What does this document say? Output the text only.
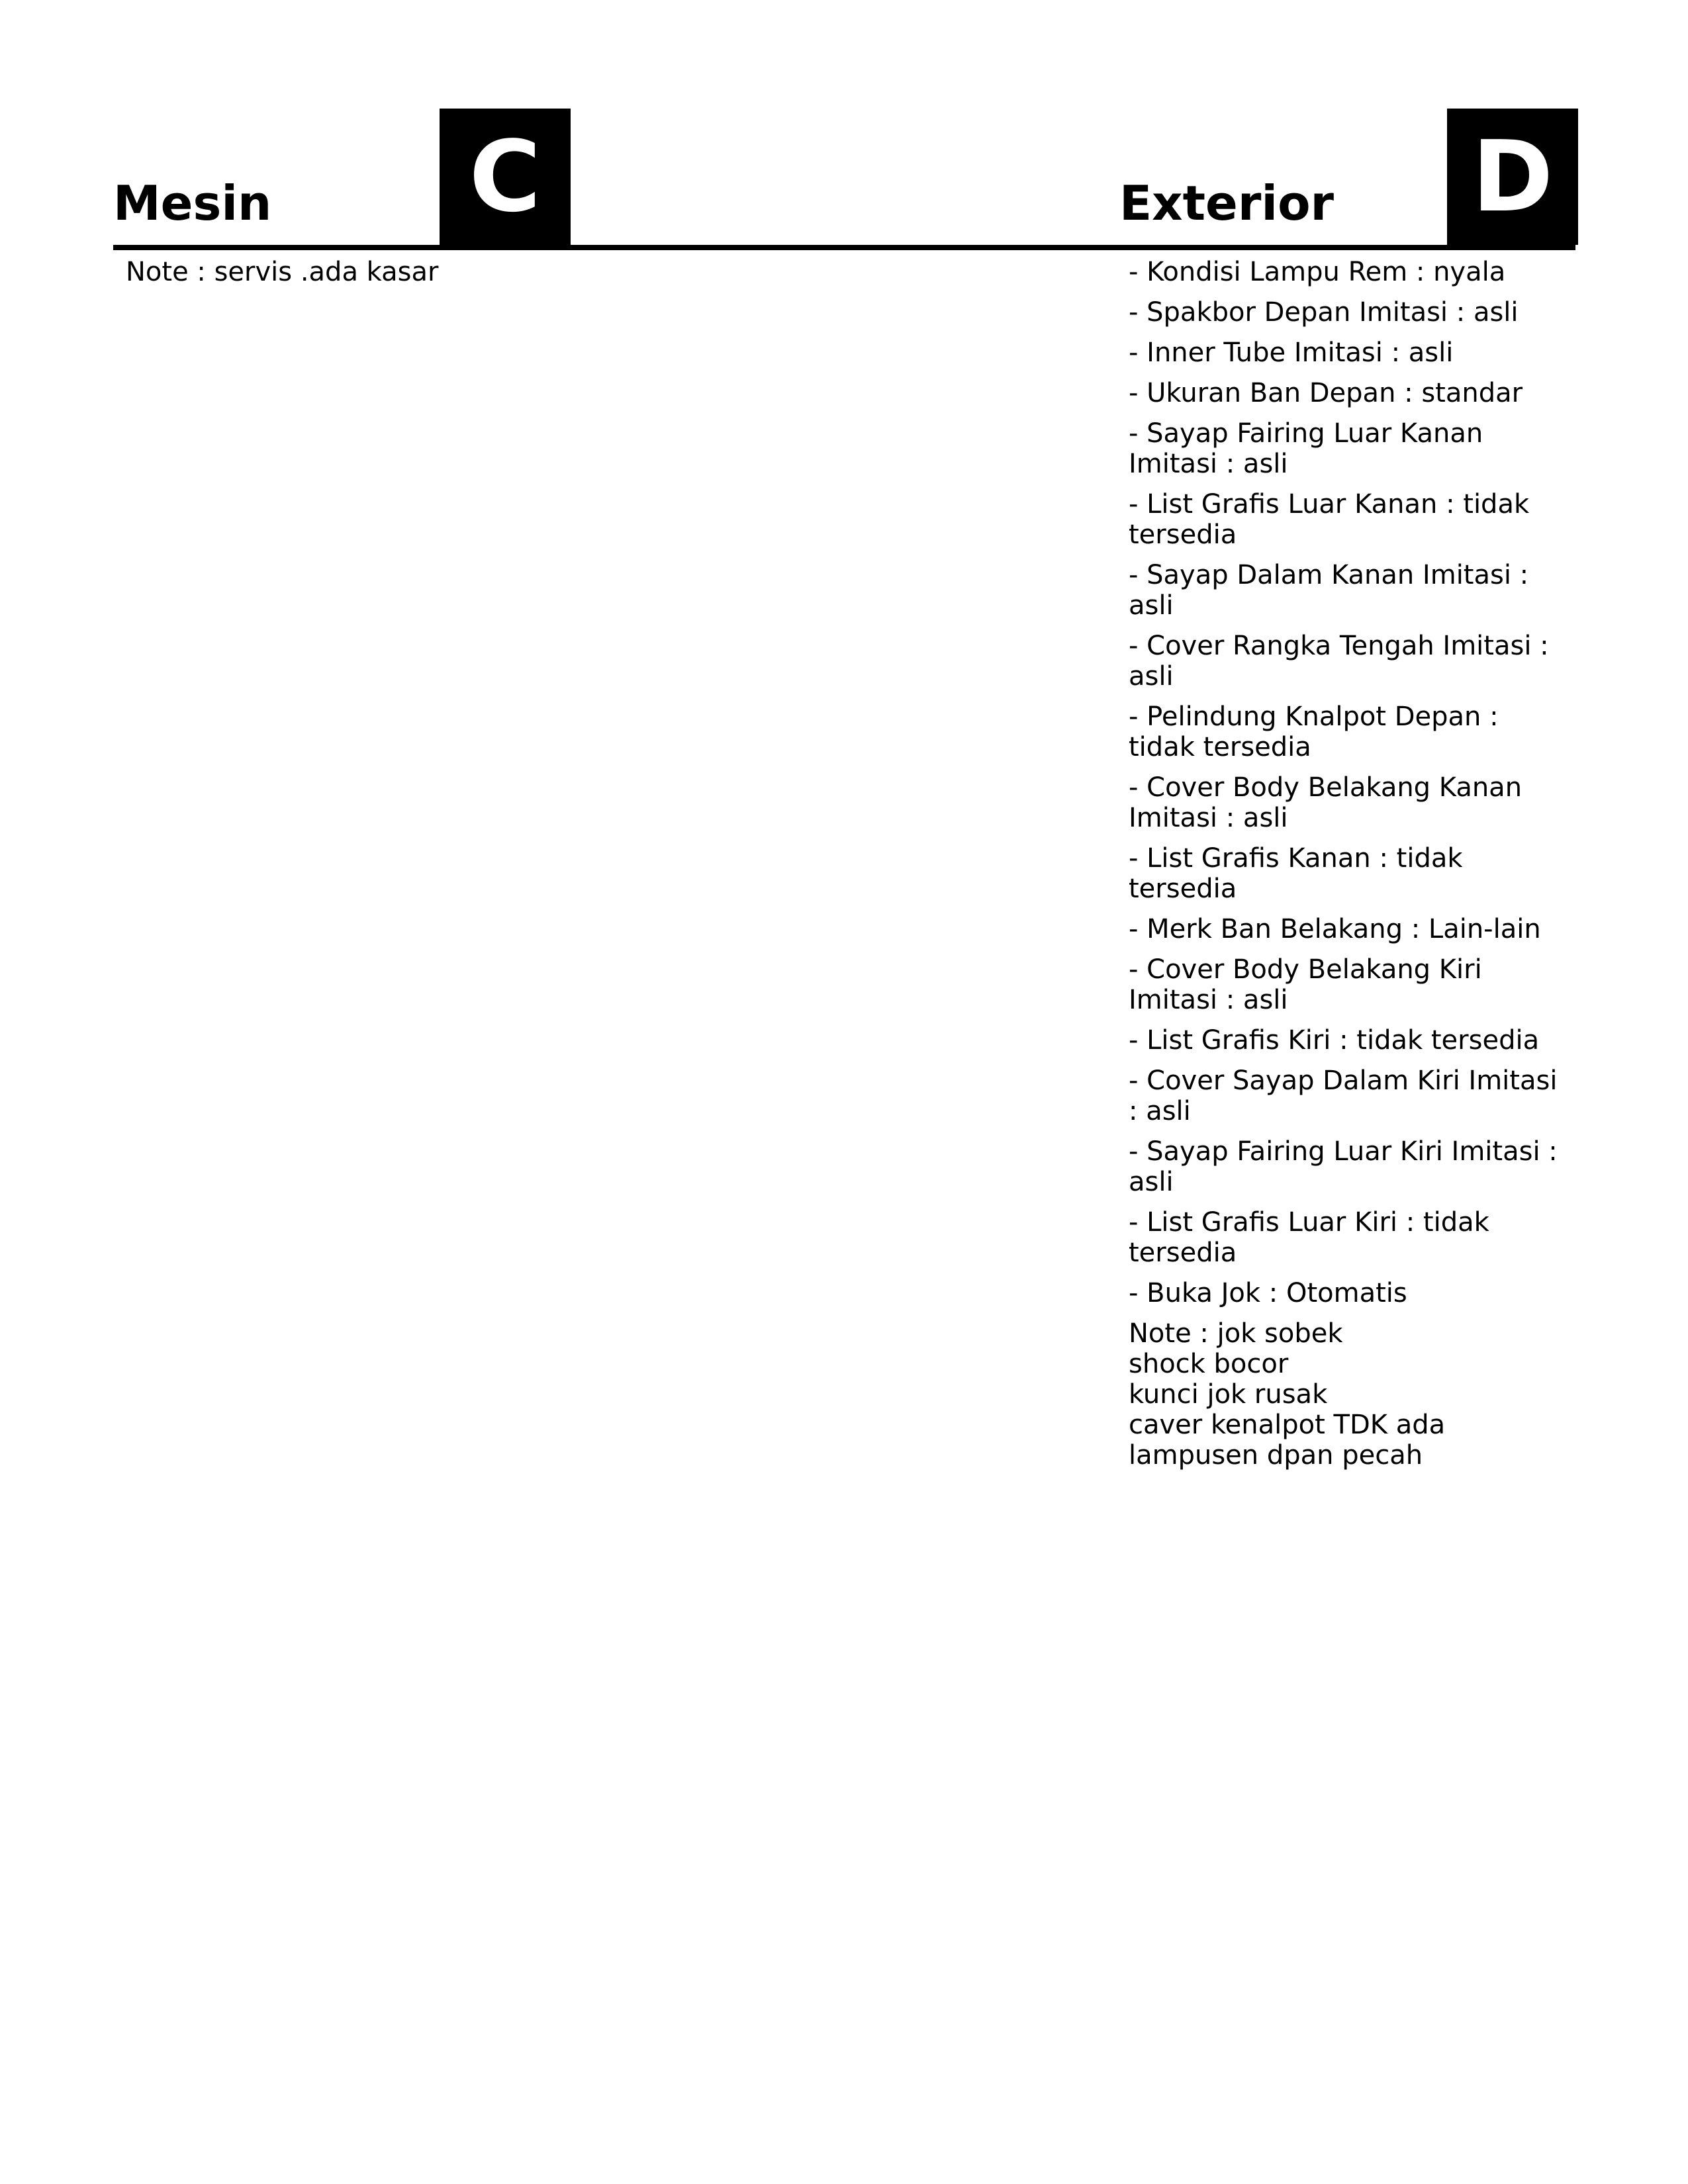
Mesin	C	Exterior D
Note : servis .ada kasar	- Kondisi Lampu Rem : nyala
- Spakbor Depan Imitasi : asli
- Inner Tube Imitasi : asli
- Ukuran Ban Depan : standar
- Sayap Fairing Luar Kanan Imitasi : asli
- List Grafis Luar Kanan : tidak tersedia
- Sayap Dalam Kanan Imitasi : asli
- Cover Rangka Tengah Imitasi : asli
- Pelindung Knalpot Depan : tidak tersedia
- Cover Body Belakang Kanan Imitasi : asli
- List Grafis Kanan : tidak tersedia
- Merk Ban Belakang : Lain-lain
- Cover Body Belakang Kiri Imitasi : asli
- List Grafis Kiri : tidak tersedia
- Cover Sayap Dalam Kiri Imitasi : asli
- Sayap Fairing Luar Kiri Imitasi : asli
- List Grafis Luar Kiri : tidak tersedia
- Buka Jok : Otomatis
Note : jok sobek
shock bocor
kunci jok rusak
caver kenalpot TDK ada
lampusen dpan pecah
